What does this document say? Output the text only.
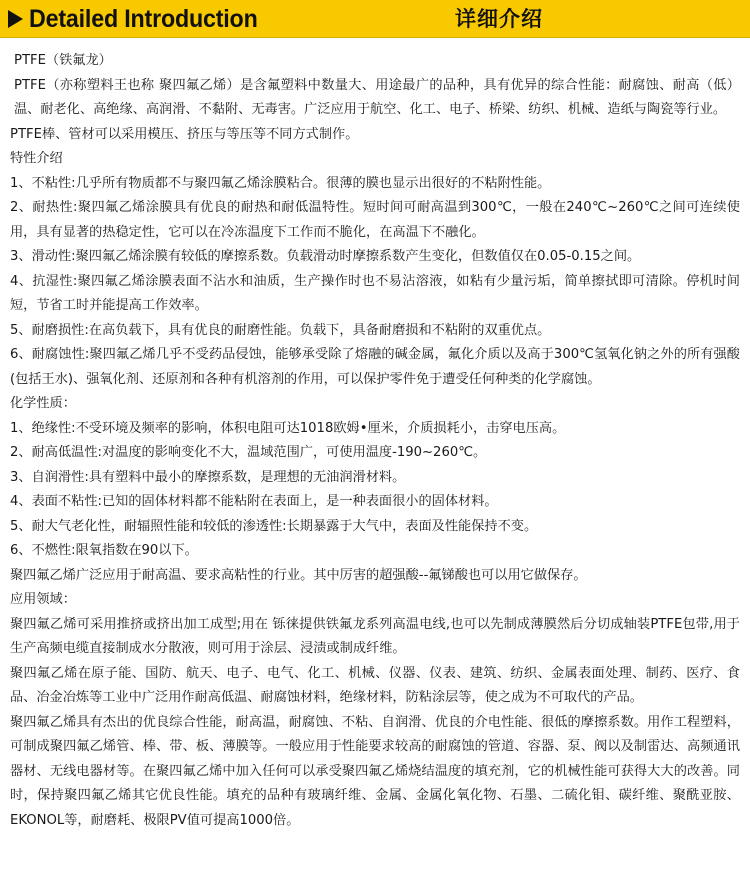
Detailed Introduction	详细介绍

PTFE（铁氟龙）

PTFE（亦称塑料王也称 聚四氟乙烯）是含氟塑料中数量大、用途最广的品种，具有优异的综合性能：耐腐蚀、耐高（低）温、耐老化、高绝缘、高润滑、不黏附、无毒害。广泛应用于航空、化工、电子、桥梁、纺织、机械、造纸与陶瓷等行业。

PTFE棒、管材可以采用模压、挤压与等压等不同方式制作。

特性介绍

1、不粘性:几乎所有物质都不与聚四氟乙烯涂膜粘合。很薄的膜也显示出很好的不粘附性能。

2、耐热性:聚四氟乙烯涂膜具有优良的耐热和耐低温特性。短时间可耐高温到300℃，一般在240℃~260℃之间可连续使用，具有显著的热稳定性，它可以在冷冻温度下工作而不脆化，在高温下不融化。

3、滑动性:聚四氟乙烯涂膜有较低的摩擦系数。负载滑动时摩擦系数产生变化，但数值仅在0.05-0.15之间。

4、抗湿性:聚四氟乙烯涂膜表面不沾水和油质，生产操作时也不易沾溶液，如粘有少量污垢，简单擦拭即可清除。停机时间短，节省工时并能提高工作效率。

5、耐磨损性:在高负载下，具有优良的耐磨性能。负载下，具备耐磨损和不粘附的双重优点。

6、耐腐蚀性:聚四氟乙烯几乎不受药品侵蚀，能够承受除了熔融的碱金属，氟化介质以及高于300℃氢氧化钠之外的所有强酸(包括王水)、强氧化剂、还原剂和各种有机溶剂的作用，可以保护零件免于遭受任何种类的化学腐蚀。

化学性质：

1、绝缘性:不受环境及频率的影响，体积电阻可达1018欧姆•厘米，介质损耗小，击穿电压高。

2、耐高低温性:对温度的影响变化不大，温域范围广，可使用温度-190~260℃。

3、自润滑性:具有塑料中最小的摩擦系数，是理想的无油润滑材料。

4、表面不粘性:已知的固体材料都不能粘附在表面上，是一种表面很小的固体材料。

5、耐大气老化性，耐辐照性能和较低的渗透性:长期暴露于大气中，表面及性能保持不变。

6、不燃性:限氧指数在90以下。

聚四氟乙烯广泛应用于耐高温、要求高粘性的行业。其中厉害的超强酸--氟锑酸也可以用它做保存。

应用领域：

聚四氟乙烯可采用推挤或挤出加工成型;用在 铄徕提供铁氟龙系列高温电线,也可以先制成薄膜然后分切成轴装PTFE包带,用于生产高频电缆直接制成水分散液，则可用于涂层、浸渍或制成纤维。

聚四氟乙烯在原子能、国防、航天、电子、电气、化工、机械、仪器、仪表、建筑、纺织、金属表面处理、制药、医疗、食品、冶金冶炼等工业中广泛用作耐高低温、耐腐蚀材料，绝缘材料，防粘涂层等，使之成为不可取代的产品。

聚四氟乙烯具有杰出的优良综合性能，耐高温，耐腐蚀、不粘、自润滑、优良的介电性能、很低的摩擦系数。用作工程塑料，可制成聚四氟乙烯管、棒、带、板、薄膜等。一般应用于性能要求较高的耐腐蚀的管道、容器、泵、阀以及制雷达、高频通讯器材、无线电器材等。在聚四氟乙烯中加入任何可以承受聚四氟乙烯烧结温度的填充剂，它的机械性能可获得大大的改善。同时，保持聚四氟乙烯其它优良性能。填充的品种有玻璃纤维、金属、金属化氧化物、石墨、二硫化钼、碳纤维、聚酰亚胺、EKONOL等，耐磨耗、极限PV值可提高1000倍。
